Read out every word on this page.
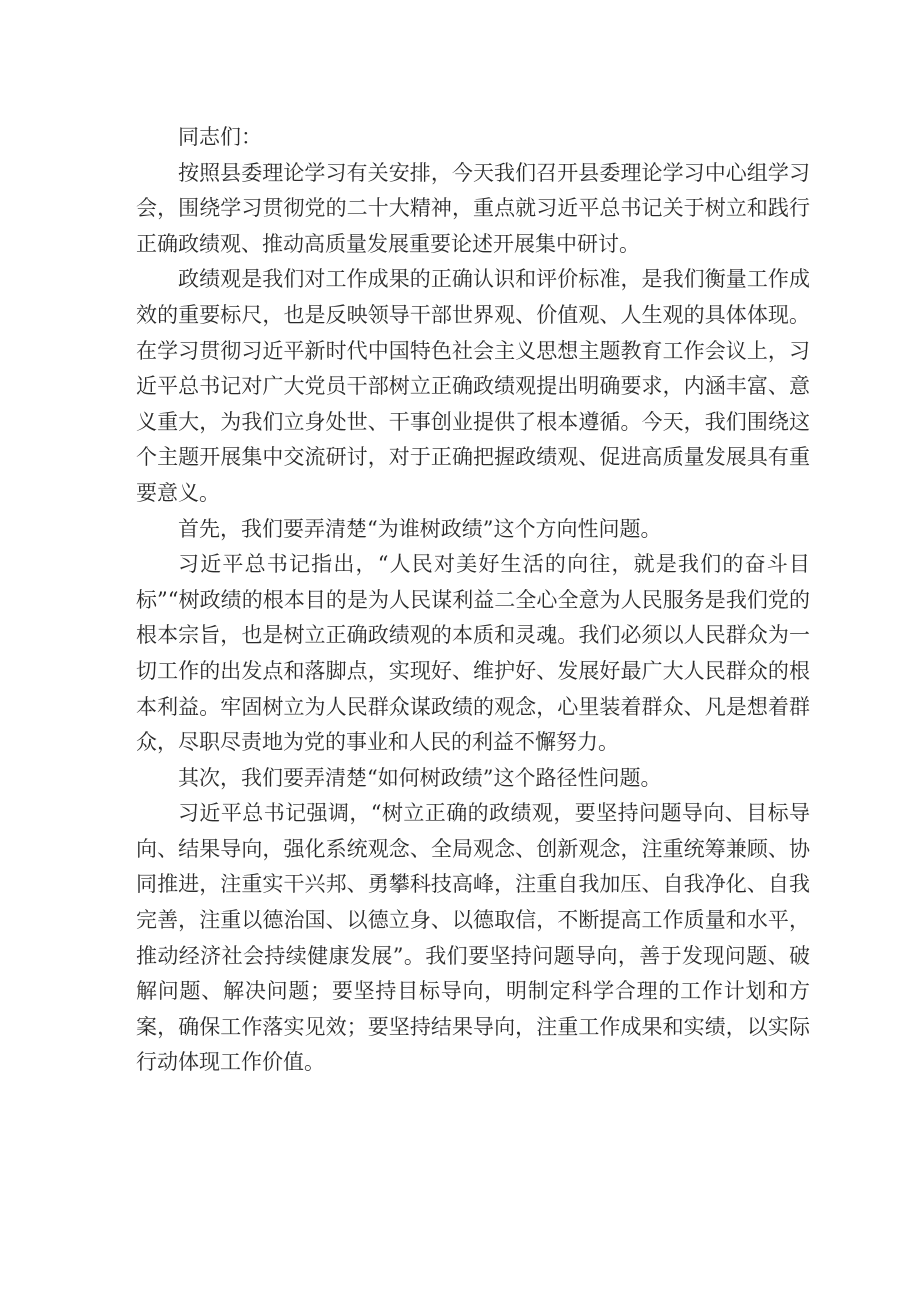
同志们：

按照县委理论学习有关安排，今天我们召开县委理论学习中心组学习会，围绕学习贯彻党的二十大精神，重点就习近平总书记关于树立和践行正确政绩观、推动高质量发展重要论述开展集中研讨。

政绩观是我们对工作成果的正确认识和评价标准，是我们衡量工作成效的重要标尺，也是反映领导干部世界观、价值观、人生观的具体体现。在学习贯彻习近平新时代中国特色社会主义思想主题教育工作会议上，习近平总书记对广大党员干部树立正确政绩观提出明确要求，内涵丰富、意义重大，为我们立身处世、干事创业提供了根本遵循。今天，我们围绕这个主题开展集中交流研讨，对于正确把握政绩观、促进高质量发展具有重要意义。

首先，我们要弄清楚“为谁树政绩”这个方向性问题。

习近平总书记指出，“人民对美好生活的向往，就是我们的奋斗目标”“树政绩的根本目的是为人民谋利益二全心全意为人民服务是我们党的根本宗旨，也是树立正确政绩观的本质和灵魂。我们必须以人民群众为一切工作的出发点和落脚点，实现好、维护好、发展好最广大人民群众的根本利益。牢固树立为人民群众谋政绩的观念，心里装着群众、凡是想着群众，尽职尽责地为党的事业和人民的利益不懈努力。

其次，我们要弄清楚“如何树政绩”这个路径性问题。

习近平总书记强调，“树立正确的政绩观，要坚持问题导向、目标导向、结果导向，强化系统观念、全局观念、创新观念，注重统筹兼顾、协同推进，注重实干兴邦、勇攀科技高峰，注重自我加压、自我净化、自我完善，注重以德治国、以德立身、以德取信，不断提高工作质量和水平，推动经济社会持续健康发展”。我们要坚持问题导向，善于发现问题、破解问题、解决问题；要坚持目标导向，明制定科学合理的工作计划和方案，确保工作落实见效；要坚持结果导向，注重工作成果和实绩，以实际行动体现工作价值。
